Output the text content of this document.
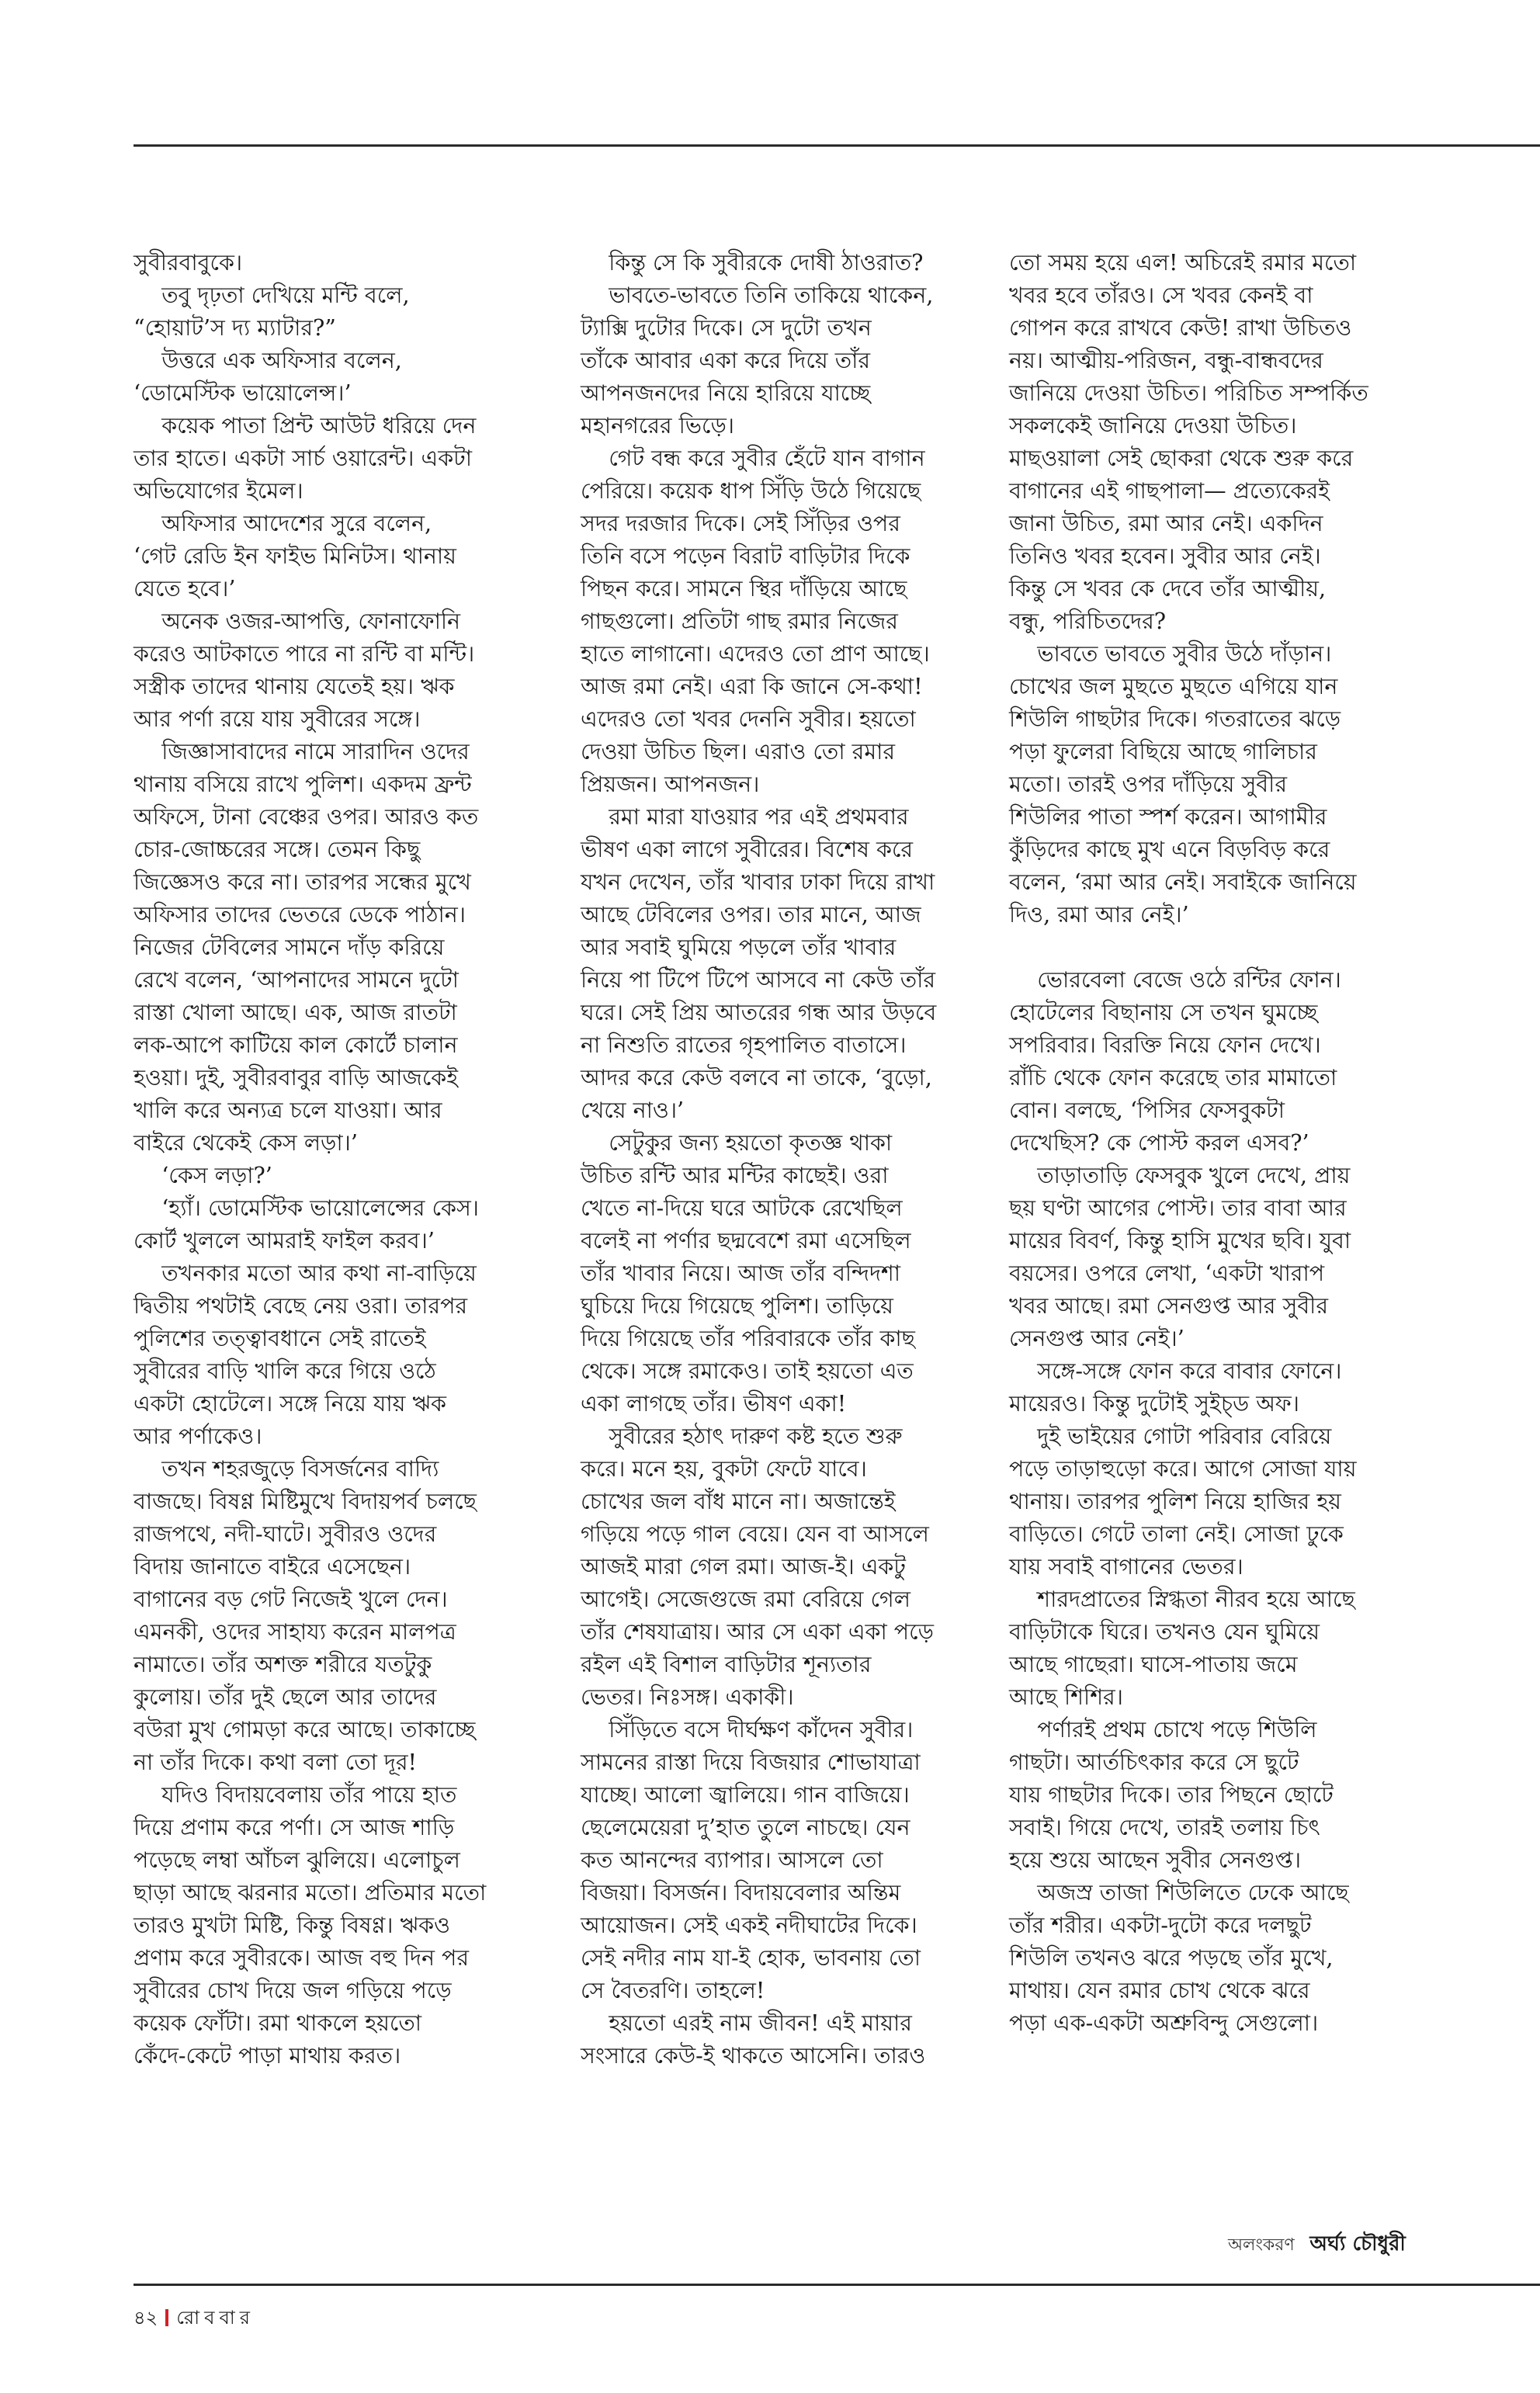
সুবীরবাবুকে।

তবু দৃঢ়তা দেখিয়ে মন্টি বলে,

“হোয়াট’স দ্য ম্যাটার?”

উত্তরে এক অফিসার বলেন,

‘ডোমেস্টিক ভায়োলেন্স।’

কয়েক পাতা প্রিন্ট আউট ধরিয়ে দেন

তার হাতে। একটা সার্চ ওয়ারেন্ট। একটা

অভিযোগের ইমেল।

অফিসার আদেশের সুরে বলেন,

‘গেট রেডি ইন ফাইভ মিনিটস। থানায়

যেতে হবে।’

অনেক ওজর-আপত্তি, ফোনাফোনি

করেও আটকাতে পারে না রন্টি বা মন্টি।

সস্ত্রীক তাদের থানায় যেতেই হয়। ঋক

আর পর্ণা রয়ে যায় সুবীরের সঙ্গে।

জিজ্ঞাসাবাদের নামে সারাদিন ওদের

থানায় বসিয়ে রাখে পুলিশ। একদম ফ্রন্ট

অফিসে, টানা বেঞ্চের ওপর। আরও কত

চোর-জোচ্চরের সঙ্গে। তেমন কিছু

জিজ্ঞেসও করে না। তারপর সন্ধের মুখে

অফিসার তাদের ভেতরে ডেকে পাঠান।

নিজের টেবিলের সামনে দাঁড় করিয়ে

রেখে বলেন, ‘আপনাদের সামনে দুটো

রাস্তা খোলা আছে। এক, আজ রাতটা

লক-আপে কাটিয়ে কাল কোর্টে চালান

হওয়া। দুই, সুবীরবাবুর বাড়ি আজকেই

খালি করে অন্যত্র চলে যাওয়া। আর

বাইরে থেকেই কেস লড়া।’

‘কেস লড়া?’

‘হ্যাঁ। ডোমেস্টিক ভায়োলেন্সের কেস।

কোর্ট খুললে আমরাই ফাইল করব।’

তখনকার মতো আর কথা না-বাড়িয়ে

দ্বিতীয় পথটাই বেছে নেয় ওরা। তারপর

পুলিশের তত্ত্বাবধানে সেই রাতেই

সুবীরের বাড়ি খালি করে গিয়ে ওঠে

একটা হোটেলে। সঙ্গে নিয়ে যায় ঋক

আর পর্ণাকেও।

তখন শহরজুড়ে বিসর্জনের বাদ্যি

বাজছে। বিষণ্ণ মিষ্টিমুখে বিদায়পর্ব চলছে

রাজপথে, নদী-ঘাটে। সুবীরও ওদের

বিদায় জানাতে বাইরে এসেছেন।

বাগানের বড় গেট নিজেই খুলে দেন।

এমনকী, ওদের সাহায্য করেন মালপত্র

নামাতে। তাঁর অশক্ত শরীরে যতটুকু

কুলোয়। তাঁর দুই ছেলে আর তাদের

বউরা মুখ গোমড়া করে আছে। তাকাচ্ছে

না তাঁর দিকে। কথা বলা তো দূর!

যদিও বিদায়বেলায় তাঁর পায়ে হাত

দিয়ে প্রণাম করে পর্ণা। সে আজ শাড়ি

পড়েছে লম্বা আঁচল ঝুলিয়ে। এলোচুল

ছাড়া আছে ঝরনার মতো। প্রতিমার মতো

তারও মুখটা মিষ্টি, কিন্তু বিষণ্ণ। ঋকও

প্রণাম করে সুবীরকে। আজ বহু দিন পর

সুবীরের চোখ দিয়ে জল গড়িয়ে পড়ে

কয়েক ফোঁটা। রমা থাকলে হয়তো

কেঁদে-কেটে পাড়া মাথায় করত।

কিন্তু সে কি সুবীরকে দোষী ঠাওরাত?

ভাবতে-ভাবতে তিনি তাকিয়ে থাকেন,

ট্যাক্সি দুটোর দিকে। সে দুটো তখন

তাঁকে আবার একা করে দিয়ে তাঁর

আপনজনদের নিয়ে হারিয়ে যাচ্ছে

মহানগরের ভিড়ে।

গেট বন্ধ করে সুবীর হেঁটে যান বাগান

পেরিয়ে। কয়েক ধাপ সিঁড়ি উঠে গিয়েছে

সদর দরজার দিকে। সেই সিঁড়ির ওপর

তিনি বসে পড়েন বিরাট বাড়িটার দিকে

পিছন করে। সামনে স্থির দাঁড়িয়ে আছে

গাছগুলো। প্রতিটা গাছ রমার নিজের

হাতে লাগানো। এদেরও তো প্রাণ আছে।

আজ রমা নেই। এরা কি জানে সে-কথা!

এদেরও তো খবর দেননি সুবীর। হয়তো

দেওয়া উচিত ছিল। এরাও তো রমার

প্রিয়জন। আপনজন।

রমা মারা যাওয়ার পর এই প্রথমবার

ভীষণ একা লাগে সুবীরের। বিশেষ করে

যখন দেখেন, তাঁর খাবার ঢাকা দিয়ে রাখা

আছে টেবিলের ওপর। তার মানে, আজ

আর সবাই ঘুমিয়ে পড়লে তাঁর খাবার

নিয়ে পা টিপে টিপে আসবে না কেউ তাঁর

ঘরে। সেই প্রিয় আতরের গন্ধ আর উড়বে

না নিশুতি রাতের গৃহপালিত বাতাসে।

আদর করে কেউ বলবে না তাকে, ‘বুড়ো,

খেয়ে নাও।’

সেটুকুর জন্য হয়তো কৃতজ্ঞ থাকা

উচিত রন্টি আর মন্টির কাছেই। ওরা

খেতে না-দিয়ে ঘরে আটকে রেখেছিল

বলেই না পর্ণার ছদ্মবেশে রমা এসেছিল

তাঁর খাবার নিয়ে। আজ তাঁর বন্দিদশা

ঘুচিয়ে দিয়ে গিয়েছে পুলিশ। তাড়িয়ে

দিয়ে গিয়েছে তাঁর পরিবারকে তাঁর কাছ

থেকে। সঙ্গে রমাকেও। তাই হয়তো এত

একা লাগছে তাঁর। ভীষণ একা!

সুবীরের হঠাৎ দারুণ কষ্ট হতে শুরু

করে। মনে হয়, বুকটা ফেটে যাবে।

চোখের জল বাঁধ মানে না। অজান্তেই

গড়িয়ে পড়ে গাল বেয়ে। যেন বা আসলে

আজই মারা গেল রমা। আজ-ই। একটু

আগেই। সেজেগুজে রমা বেরিয়ে গেল

তাঁর শেষযাত্রায়। আর সে একা একা পড়ে

রইল এই বিশাল বাড়িটার শূন্যতার

ভেতর। নিঃসঙ্গ। একাকী।

সিঁড়িতে বসে দীর্ঘক্ষণ কাঁদেন সুবীর।

সামনের রাস্তা দিয়ে বিজয়ার শোভাযাত্রা

যাচ্ছে। আলো জ্বালিয়ে। গান বাজিয়ে।

ছেলেমেয়েরা দু’হাত তুলে নাচছে। যেন

কত আনন্দের ব্যাপার। আসলে তো

বিজয়া। বিসর্জন। বিদায়বেলার অন্তিম

আয়োজন। সেই একই নদীঘাটের দিকে।

সেই নদীর নাম যা-ই হোক, ভাবনায় তো

সে বৈতরণি। তাহলে!

হয়তো এরই নাম জীবন! এই মায়ার

সংসারে কেউ-ই থাকতে আসেনি। তারও

তো সময় হয়ে এল! অচিরেই রমার মতো

খবর হবে তাঁরও। সে খবর কেনই বা

গোপন করে রাখবে কেউ! রাখা উচিতও

নয়। আত্মীয়-পরিজন, বন্ধু-বান্ধবদের

জানিয়ে দেওয়া উচিত। পরিচিত সম্পর্কিত

সকলকেই জানিয়ে দেওয়া উচিত।

মাছওয়ালা সেই ছোকরা থেকে শুরু করে

বাগানের এই গাছপালা— প্রত্যেকেরই

জানা উচিত, রমা আর নেই। একদিন

তিনিও খবর হবেন। সুবীর আর নেই।

কিন্তু সে খবর কে দেবে তাঁর আত্মীয়,

বন্ধু, পরিচিতদের?

ভাবতে ভাবতে সুবীর উঠে দাঁড়ান।

চোখের জল মুছতে মুছতে এগিয়ে যান

শিউলি গাছটার দিকে। গতরাতের ঝড়ে

পড়া ফুলেরা বিছিয়ে আছে গালিচার

মতো। তারই ওপর দাঁড়িয়ে সুবীর

শিউলির পাতা স্পর্শ করেন। আগামীর

কুঁড়িদের কাছে মুখ এনে বিড়বিড় করে

বলেন, ‘রমা আর নেই। সবাইকে জানিয়ে

দিও, রমা আর নেই।’

ভোরবেলা বেজে ওঠে রন্টির ফোন।

হোটেলের বিছানায় সে তখন ঘুমচ্ছে

সপরিবার। বিরক্তি নিয়ে ফোন দেখে।

রাঁচি থেকে ফোন করেছে তার মামাতো

বোন। বলছে, ‘পিসির ফেসবুকটা

দেখেছিস? কে পোস্ট করল এসব?’

তাড়াতাড়ি ফেসবুক খুলে দেখে, প্রায়

ছয় ঘণ্টা আগের পোস্ট। তার বাবা আর

মায়ের বিবর্ণ, কিন্তু হাসি মুখের ছবি। যুবা

বয়সের। ওপরে লেখা, ‘একটা খারাপ

খবর আছে। রমা সেনগুপ্ত আর সুবীর

সেনগুপ্ত আর নেই।’

সঙ্গে-সঙ্গে ফোন করে বাবার ফোনে।

মায়েরও। কিন্তু দুটোই সুইচ্‌ড অফ।

দুই ভাইয়ের গোটা পরিবার বেরিয়ে

পড়ে তাড়াহুড়ো করে। আগে সোজা যায়

থানায়। তারপর পুলিশ নিয়ে হাজির হয়

বাড়িতে। গেটে তালা নেই। সোজা ঢুকে

যায় সবাই বাগানের ভেতর।

শারদপ্রাতের স্নিগ্ধতা নীরব হয়ে আছে

বাড়িটাকে ঘিরে। তখনও যেন ঘুমিয়ে

আছে গাছেরা। ঘাসে-পাতায় জমে

আছে শিশির।

পর্ণারই প্রথম চোখে পড়ে শিউলি

গাছটা। আর্তচিৎকার করে সে ছুটে

যায় গাছটার দিকে। তার পিছনে ছোটে

সবাই। গিয়ে দেখে, তারই তলায় চিৎ

হয়ে শুয়ে আছেন সুবীর সেনগুপ্ত।

অজস্র তাজা শিউলিতে ঢেকে আছে

তাঁর শরীর। একটা-দুটো করে দলছুট

শিউলি তখনও ঝরে পড়ছে তাঁর মুখে,

মাথায়। যেন রমার চোখ থেকে ঝরে

পড়া এক-একটা অশ্রুবিন্দু সেগুলো।

অলংকরণ অর্ঘ্য চৌধুরী
৪২ রোববার
